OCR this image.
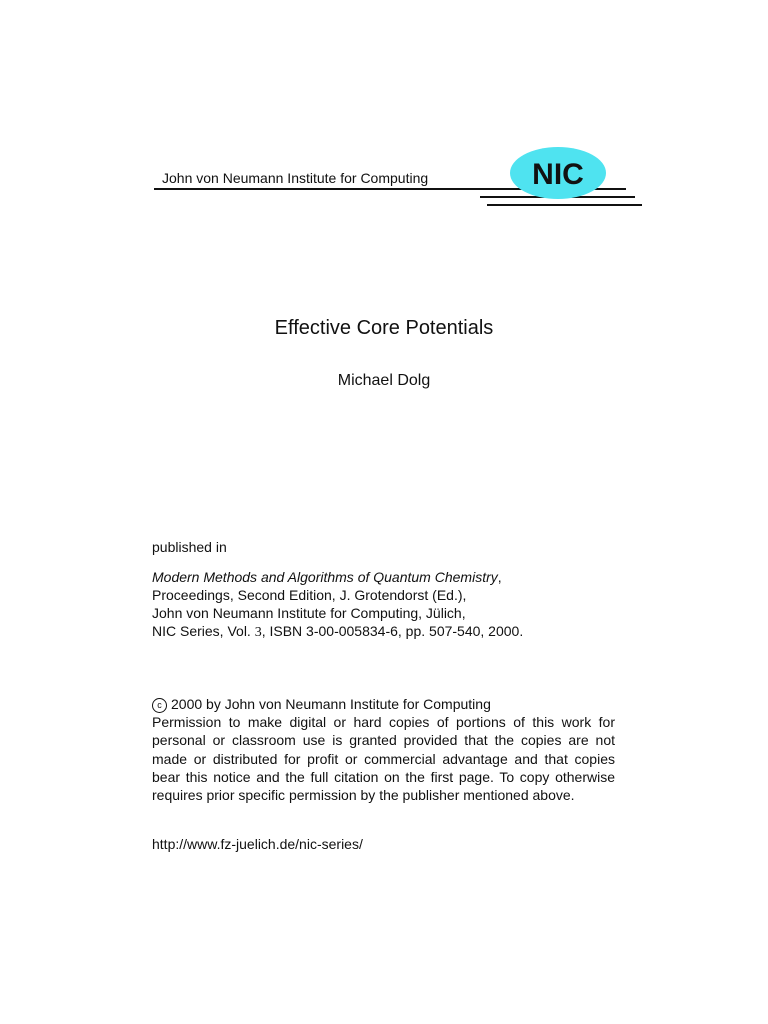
John von Neumann Institute for Computing	NIC
Effective Core Potentials
Michael Dolg
published in
Modern Methods and Algorithms of Quantum Chemistry,
Proceedings, Second Edition, J. Grotendorst (Ed.),
John von Neumann Institute for Computing, Jülich,
NIC Series, Vol. 3, ISBN 3-00-005834-6, pp. 507-540, 2000.

c 2000 by John von Neumann Institute for Computing

Permission to make digital or hard copies of portions of this work for personal or classroom use is granted provided that the copies are not made or distributed for profit or commercial advantage and that copies bear this notice and the full citation on the first page. To copy otherwise requires prior specific permission by the publisher mentioned above.

http://www.fz-juelich.de/nic-series/
